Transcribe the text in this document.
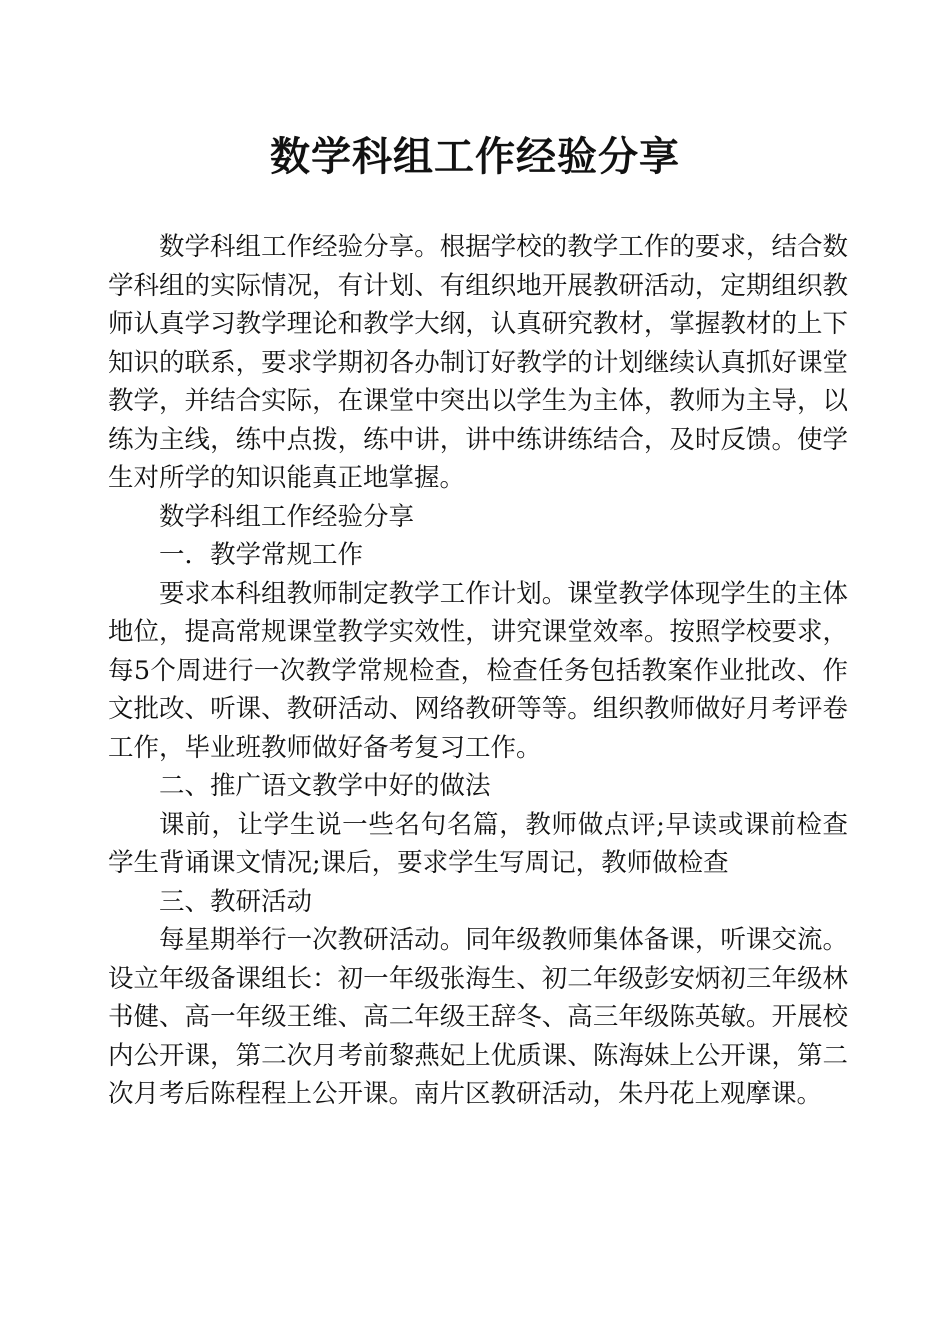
数学科组工作经验分享

数学科组工作经验分享。根据学校的教学工作的要求，结合数学科组的实际情况，有计划、有组织地开展教研活动，定期组织教师认真学习教学理论和教学大纲，认真研究教材，掌握教材的上下知识的联系，要求学期初各办制订好教学的计划继续认真抓好课堂教学，并结合实际，在课堂中突出以学生为主体，教师为主导，以练为主线，练中点拨，练中讲，讲中练讲练结合，及时反馈。使学生对所学的知识能真正地掌握。

数学科组工作经验分享

一．教学常规工作

要求本科组教师制定教学工作计划。课堂教学体现学生的主体地位，提高常规课堂教学实效性，讲究课堂效率。按照学校要求，每5个周进行一次教学常规检查，检查任务包括教案作业批改、作文批改、听课、教研活动、网络教研等等。组织教师做好月考评卷工作，毕业班教师做好备考复习工作。

二、推广语文教学中好的做法

课前，让学生说一些名句名篇，教师做点评;早读或课前检查学生背诵课文情况;课后，要求学生写周记，教师做检查

三、教研活动

每星期举行一次教研活动。同年级教师集体备课，听课交流。设立年级备课组长：初一年级张海生、初二年级彭安炳初三年级林书健、高一年级王维、高二年级王辞冬、高三年级陈英敏。开展校内公开课，第二次月考前黎燕妃上优质课、陈海妹上公开课，第二次月考后陈程程上公开课。南片区教研活动，朱丹花上观摩课。
